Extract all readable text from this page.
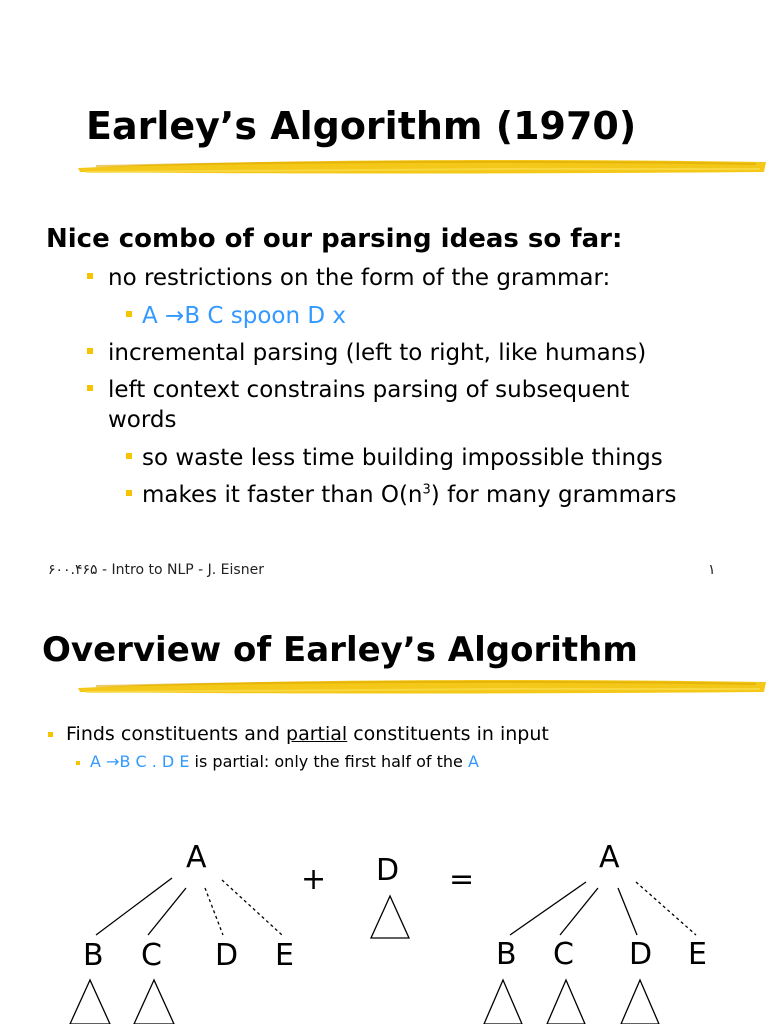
Earley’s Algorithm (1970)
Nice combo of our parsing ideas so far:
no restrictions on the form of the grammar:
A →B C spoon D x
incremental parsing (left to right, like humans)
left context constrains parsing of subsequent
words
so waste less time building impossible things
makes it faster than $O(n^3)$ for many grammars
۶۰۰.۴۶۵ - Intro to NLP - J. Eisner	۱
Overview of Earley’s Algorithm
Finds constituents and partial constituents in input
A →B C . D E is partial: only the first half of the A
A
B C D E
+ D =
A
B C D E
